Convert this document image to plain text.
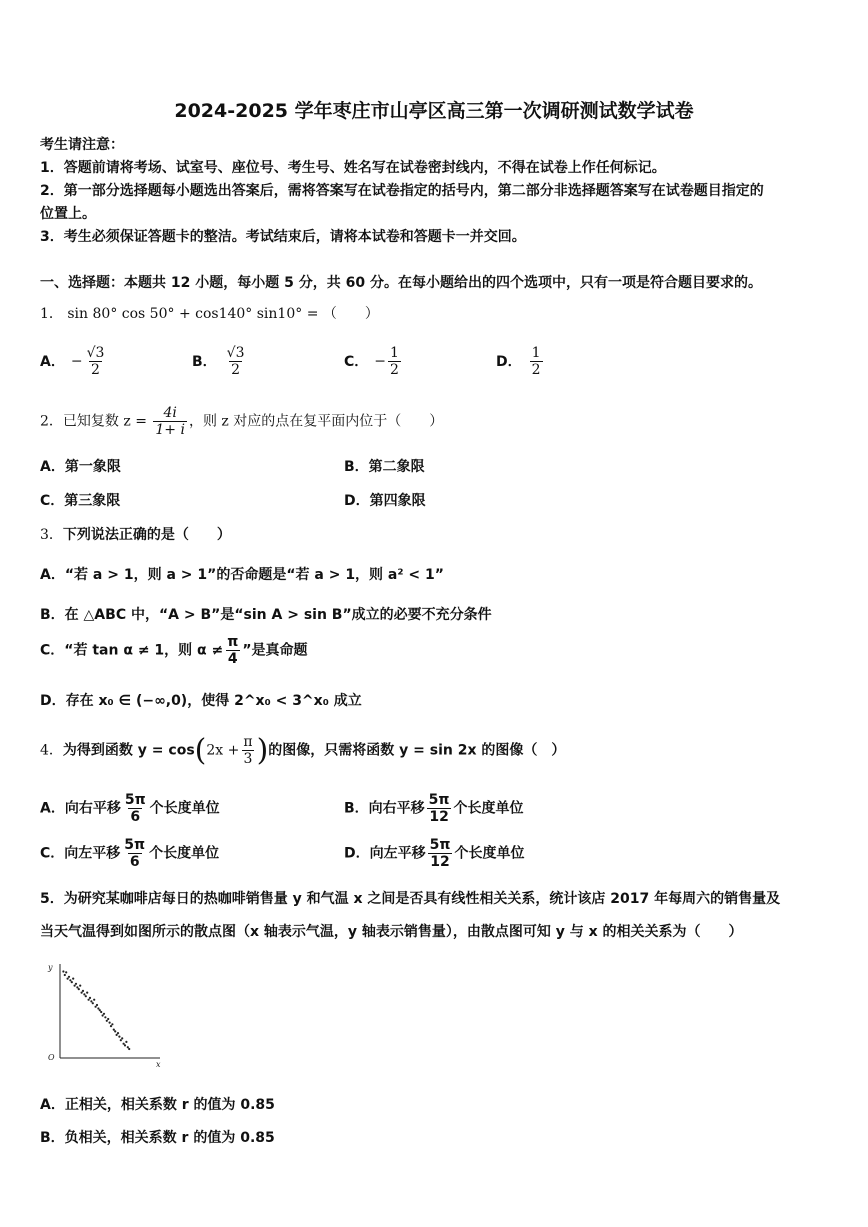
2024-2025 学年枣庄市山亭区高三第一次调研测试数学试卷
考生请注意：
1．答题前请将考场、试室号、座位号、考生号、姓名写在试卷密封线内，不得在试卷上作任何标记。
2．第一部分选择题每小题选出答案后，需将答案写在试卷指定的括号内，第二部分非选择题答案写在试卷题目指定的
位置上。
3．考生必须保证答题卡的整洁。考试结束后，请将本试卷和答题卡一并交回。
一、选择题：本题共 12 小题，每小题 5 分，共 60 分。在每小题给出的四个选项中，只有一项是符合题目要求的。
1． sin 80° cos 50° + cos140° sin10° = （　　）
A． − $\frac{√3}{2}$	B． $\frac{√3}{2}$	C． − $\frac{1}{2}$	D． $\frac{1}{2}$
2．已知复数 $z = \frac{4i}{1+ i}$ ，则 z 对应的点在复平面内位于（　　）
A．第一象限	B．第二象限
C．第三象限	D．第四象限
3．下列说法正确的是（　　）
A．“若 a > 1，则 a > 1”的否命题是“若 a > 1，则 a² < 1”
B．在 △ABC 中，“A > B”是“sin A > sin B”成立的必要不充分条件
C．“若 tan α ≠ 1，则 $\alpha \ne \frac{\pi}{4}$ ”是真命题
D．存在 x₀ ∈ (−∞,0)，使得 2^x₀ < 3^x₀ 成立
4．为得到函数 $y = \cos(2x + \frac{\pi}{3}$ )的图像，只需将函数 y = sin 2x 的图像（　）
A．向右平移 $\frac{5\pi}{6}$ 个长度单位	B．向右平移 $\frac{5\pi}{12}$ 个长度单位
C．向左平移 $\frac{5\pi}{6}$ 个长度单位	D．向左平移 $\frac{5\pi}{12}$ 个长度单位
5．为研究某咖啡店每日的热咖啡销售量 y 和气温 x 之间是否具有线性相关关系，统计该店 2017 年每周六的销售量及
当天气温得到如图所示的散点图（x 轴表示气温，y 轴表示销售量），由散点图可知 y 与 x 的相关关系为（　　）
y
x
O
A．正相关，相关系数 r 的值为 0.85
B．负相关，相关系数 r 的值为 0.85
